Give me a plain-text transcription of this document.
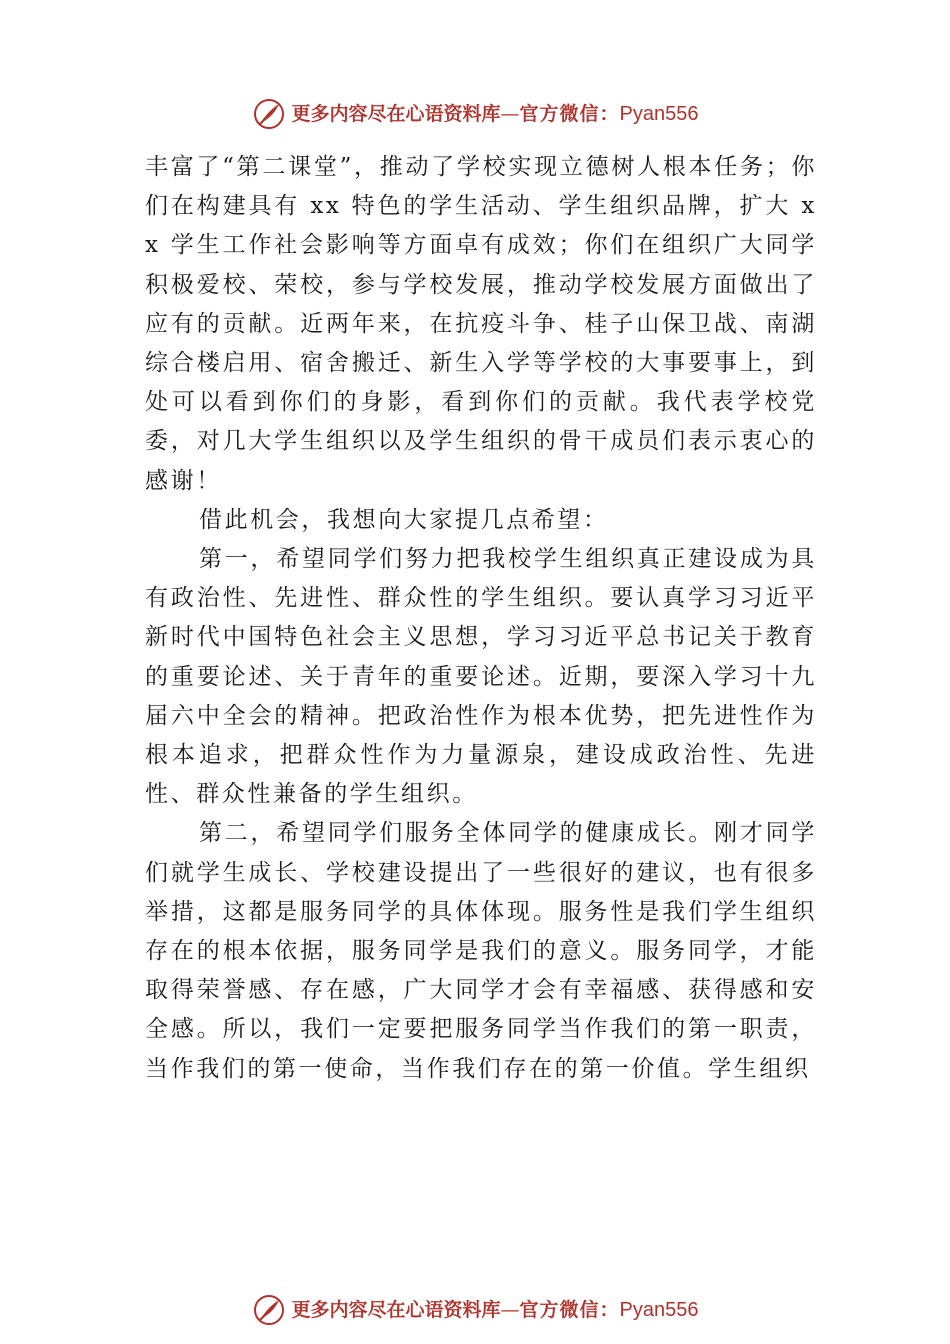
更多内容尽在心语资料库 — 官方微信： Pyan556

丰富了“第二课堂”，推动了学校实现立德树人根本任务；你们在构建具有 xx 特色的学生活动、学生组织品牌，扩大 xx 学生工作社会影响等方面卓有成效；你们在组织广大同学积极爱校、荣校，参与学校发展，推动学校发展方面做出了应有的贡献。近两年来，在抗疫斗争、桂子山保卫战、南湖综合楼启用、宿舍搬迁、新生入学等学校的大事要事上，到处可以看到你们的身影，看到你们的贡献。我代表学校党委，对几大学生组织以及学生组织的骨干成员们表示衷心的感谢！

借此机会，我想向大家提几点希望：

第一，希望同学们努力把我校学生组织真正建设成为具有政治性、先进性、群众性的学生组织。要认真学习习近平新时代中国特色社会主义思想，学习习近平总书记关于教育的重要论述、关于青年的重要论述。近期，要深入学习十九届六中全会的精神。把政治性作为根本优势，把先进性作为根本追求，把群众性作为力量源泉，建设成政治性、先进性、群众性兼备的学生组织。

第二，希望同学们服务全体同学的健康成长。刚才同学们就学生成长、学校建设提出了一些很好的建议，也有很多举措，这都是服务同学的具体体现。服务性是我们学生组织存在的根本依据，服务同学是我们的意义。服务同学，才能取得荣誉感、存在感，广大同学才会有幸福感、获得感和安全感。所以，我们一定要把服务同学当作我们的第一职责，当作我们的第一使命，当作我们存在的第一价值。学生组织

更多内容尽在心语资料库 — 官方微信： Pyan556
